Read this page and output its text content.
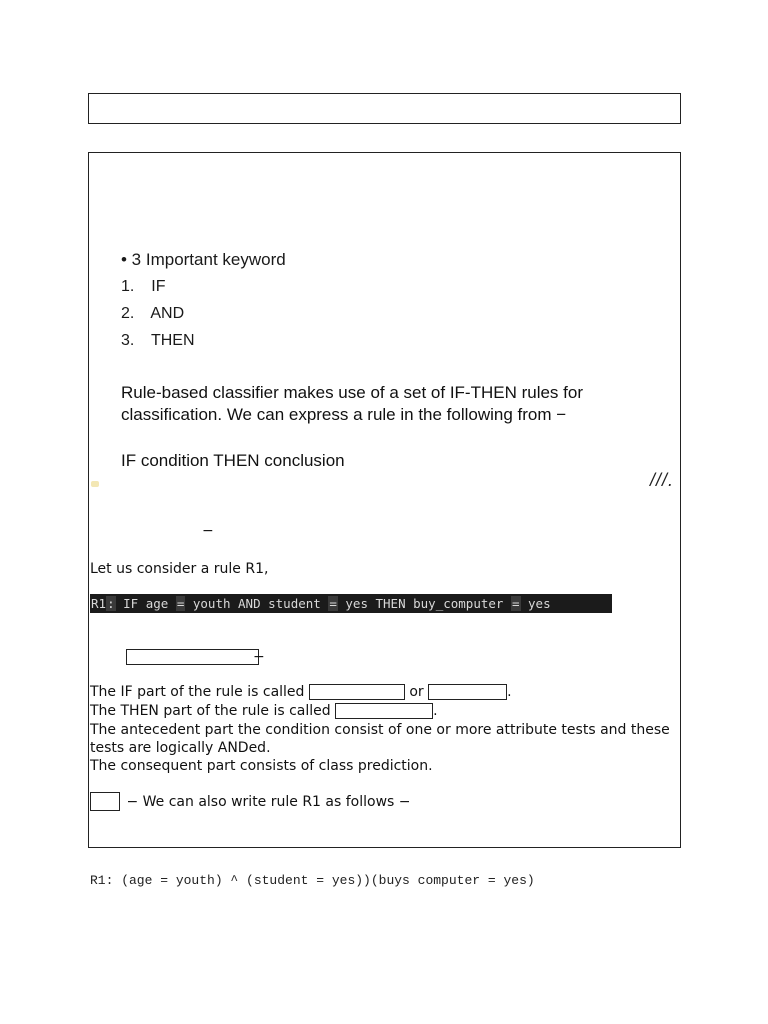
• 3 Important keyword
1. IF
2. AND
3. THEN
Rule-based classifier makes use of a set of IF-THEN rules for
classification. We can express a rule in the following from −
IF condition THEN conclusion
///.
−
Let us consider a rule R1,
R1: IF age = youth AND student = yes THEN buy_computer = yes
−
The IF part of the rule is called	or	.
The THEN part of the rule is called	.
The antecedent part the condition consist of one or more attribute tests and these
tests are logically ANDed.
The consequent part consists of class prediction.
− We can also write rule R1 as follows −
R1: (age = youth) ^ (student = yes))(buys computer = yes)
